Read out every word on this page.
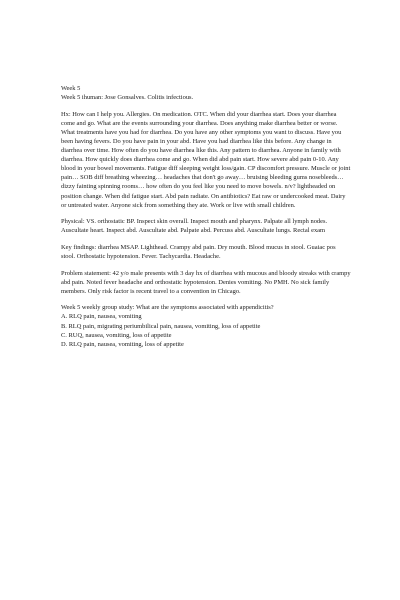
Week 5

Week 5 ihuman: Jose Gonsalves. Colitis infectious.

Hx: How can I help you. Allergies. On medication. OTC. When did your diarrhea start. Does your diarrhea come and go. What are the events surrounding your diarrhea. Does anything make diarrhea better or worse. What treatments have you had for diarrhea. Do you have any other symptoms you want to discuss. Have you been having fevers. Do you have pain in your abd. Have you had diarrhea like this before. Any change in diarrhea over time. How often do you have diarrhea like this. Any pattern to diarrhea. Anyone in family with diarrhea. How quickly does diarrhea come and go. When did abd pain start. How severe abd pain 0-10. Any blood in your bowel movements. Fatigue diff sleeping weight loss/gain. CP discomfort pressure. Muscle or joint pain… SOB diff breathing wheezing… headaches that don't go away… bruising bleeding gums nosebleeds… dizzy fainting spinning rooms… how often do you feel like you need to move bowels. n/v? lightheaded on position change. When did fatigue start. Abd pain radiate. On antibiotics? Eat raw or undercooked meat. Dairy or untreated water. Anyone sick from something they ate. Work or live with small children.

Physical: VS. orthostatic BP. Inspect skin overall. Inspect mouth and pharynx. Palpate all lymph nodes. Auscultate heart. Inspect abd. Auscultate abd. Palpate abd. Percuss abd. Auscultate lungs. Rectal exam

Key findings: diarrhea MSAP. Lighthead. Crampy abd pain. Dry mouth. Blood mucus in stool. Guaiac pos stool. Orthostatic hypotension. Fever. Tachycardia. Headache.

Problem statement: 42 y/o male presents with 3 day hx of diarrhea with mucous and bloody streaks with crampy abd pain. Noted fever headache and orthostatic hypotension. Denies vomiting. No PMH. No sick family members. Only risk factor is recent travel to a convention in Chicago.

Week 5 weekly group study: What are the symptoms associated with appendicitis?

A. RLQ pain, nausea, vomiting

B. RLQ pain, migrating periumbilical pain, nausea, vomiting, loss of appetite

C. RUQ, nausea, vomiting, loss of appetite

D. RLQ pain, nausea, vomiting, loss of appetite
